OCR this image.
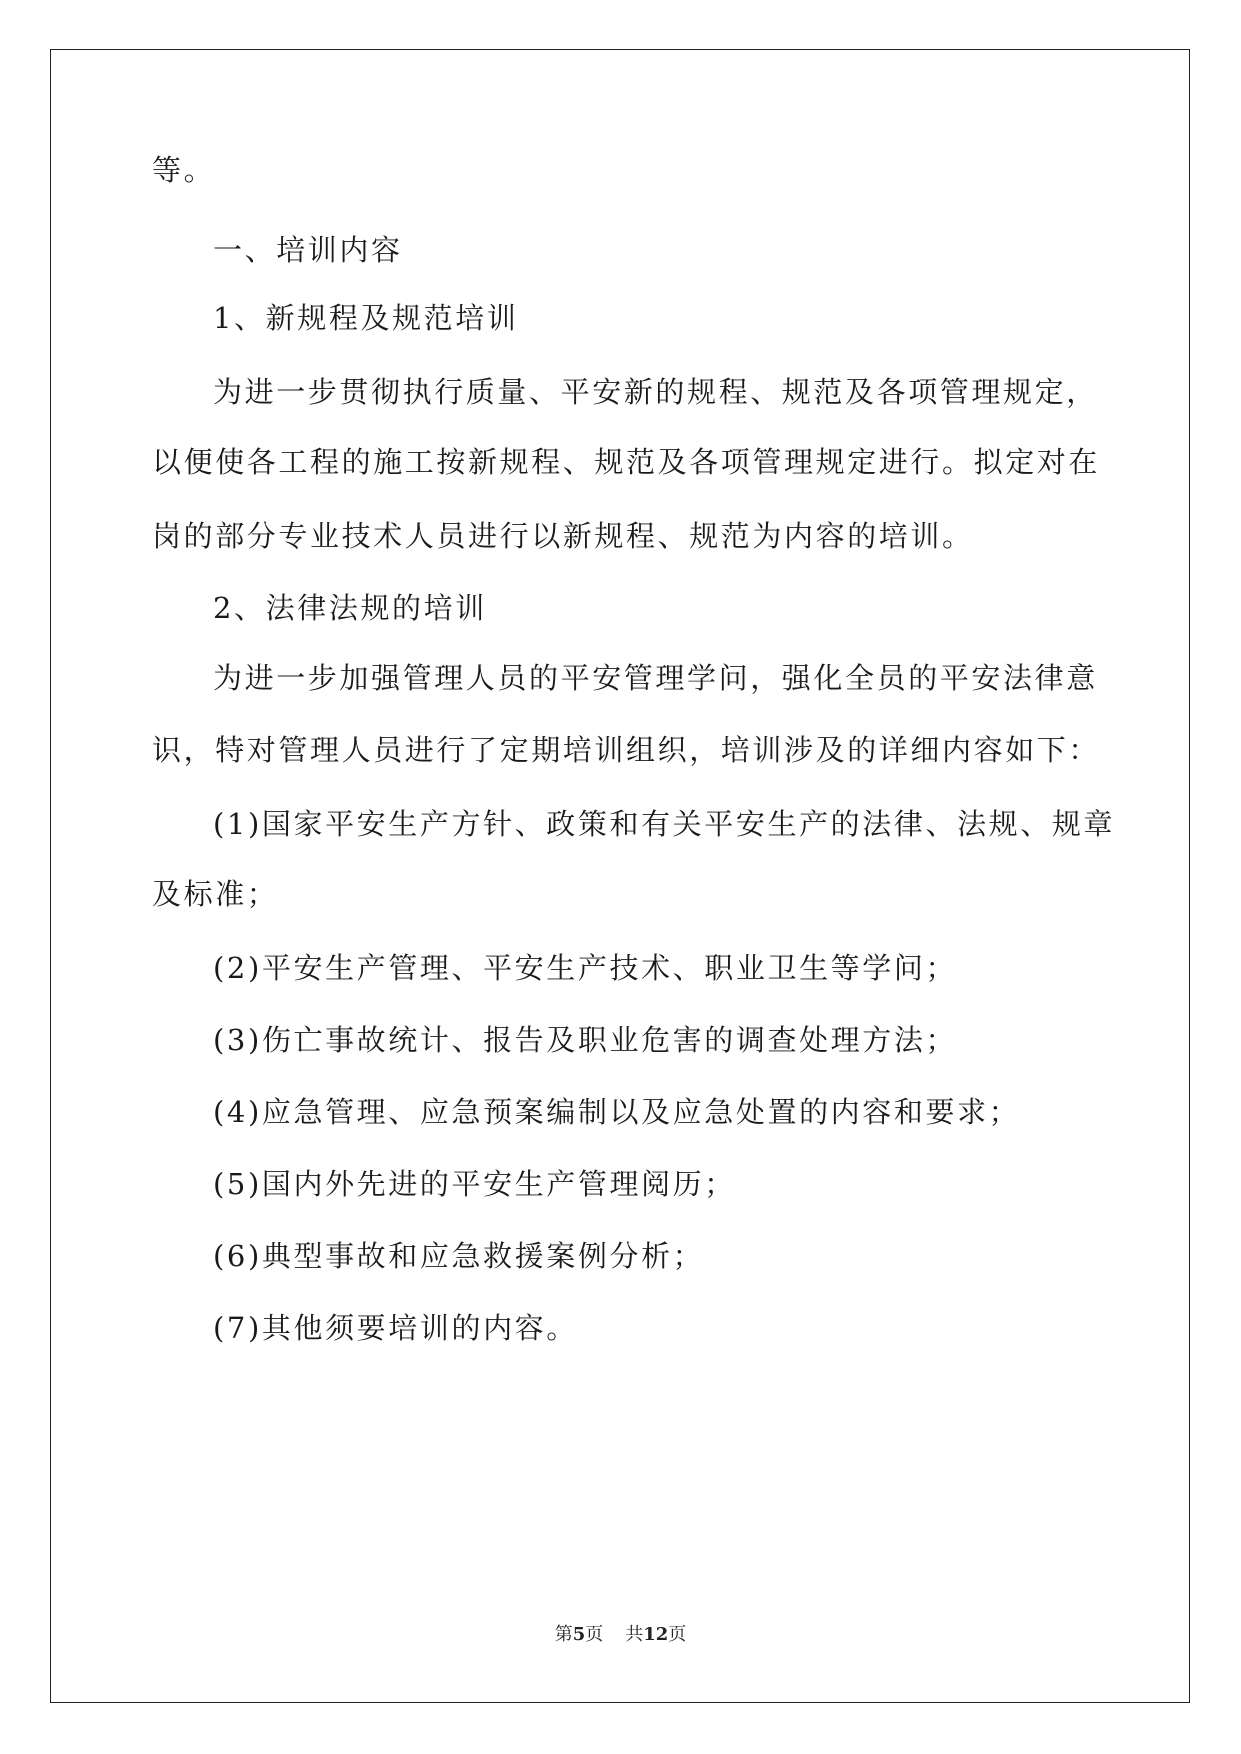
等。
一、培训内容
1、新规程及规范培训
为进一步贯彻执行质量、平安新的规程、规范及各项管理规定，
以便使各工程的施工按新规程、规范及各项管理规定进行。拟定对在
岗的部分专业技术人员进行以新规程、规范为内容的培训。
2、法律法规的培训
为进一步加强管理人员的平安管理学问，强化全员的平安法律意
识，特对管理人员进行了定期培训组织，培训涉及的详细内容如下：
(1)国家平安生产方针、政策和有关平安生产的法律、法规、规章
及标准；
(2)平安生产管理、平安生产技术、职业卫生等学问；
(3)伤亡事故统计、报告及职业危害的调查处理方法；
(4)应急管理、应急预案编制以及应急处置的内容和要求；
(5)国内外先进的平安生产管理阅历；
(6)典型事故和应急救援案例分析；
(7)其他须要培训的内容。
第5页 共12页
